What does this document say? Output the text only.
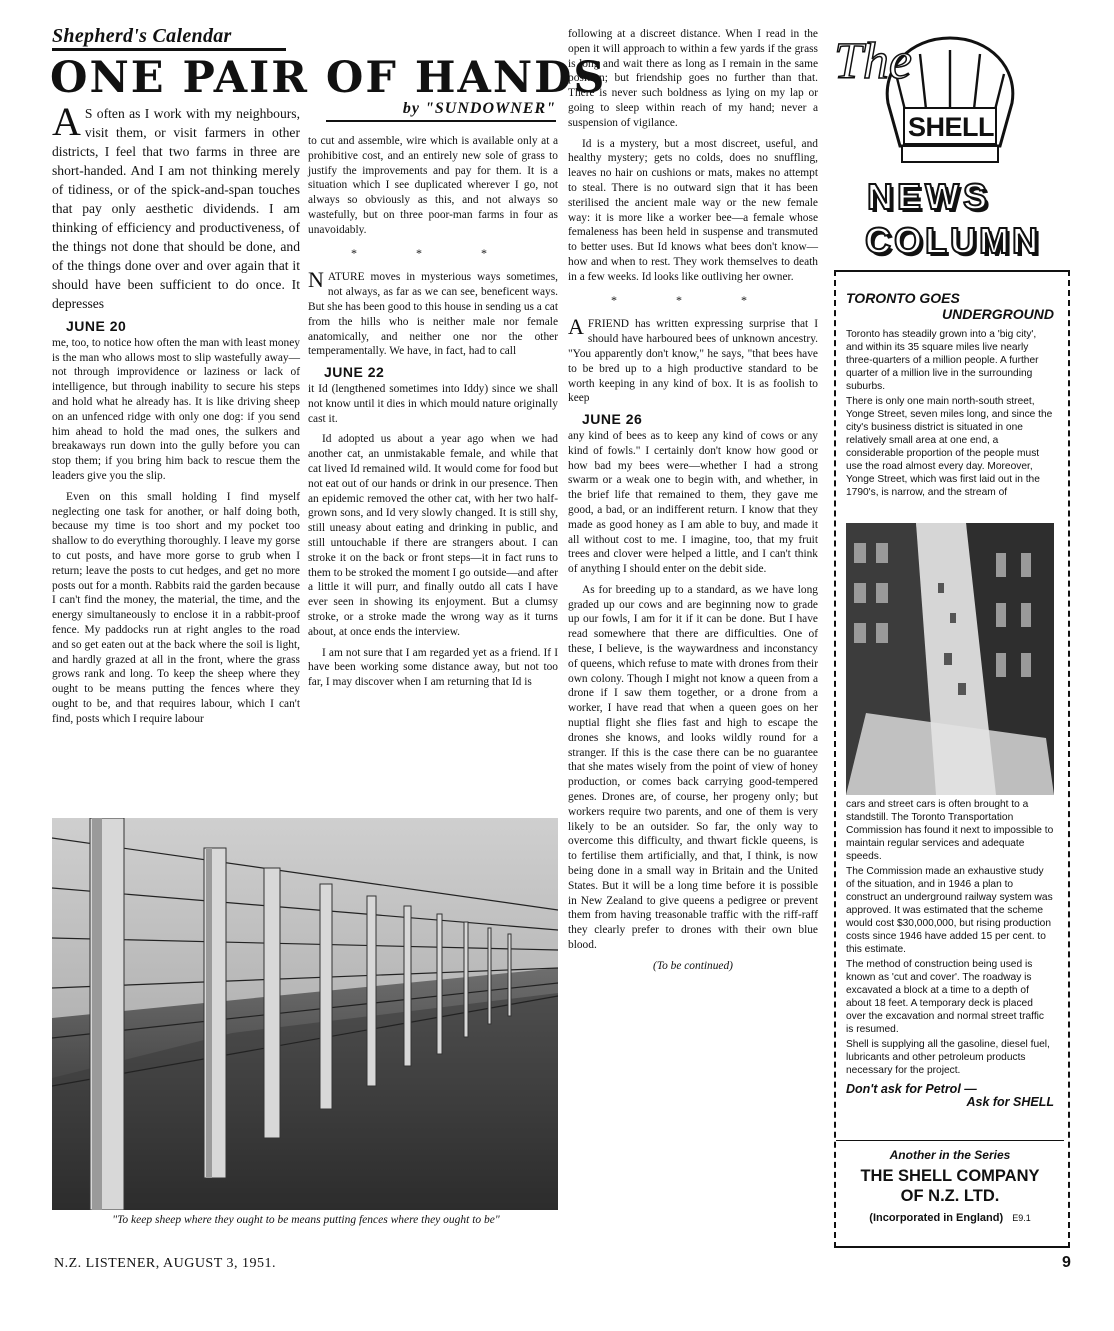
Shepherd's Calendar
ONE PAIR OF HANDS
by "SUNDOWNER"

A S often as I work with my neighbours, visit them, or visit farmers in other districts, I feel that two farms in three are short-handed. And I am not thinking merely of tidiness, or of the spick-and-span touches that pay only aesthetic dividends. I am thinking of efficiency and productiveness, of the things not done that should be done, and of the things done over and over again that it should have been sufficient to do once. It depresses

JUNE 20

me, too, to notice how often the man with least money is the man who allows most to slip wastefully away—not through improvidence or laziness or lack of intelligence, but through inability to secure his steps and hold what he already has. It is like driving sheep on an unfenced ridge with only one dog: if you send him ahead to hold the mad ones, the sulkers and breakaways run down into the gully before you can stop them; if you bring him back to rescue them the leaders give you the slip.

Even on this small holding I find myself neglecting one task for another, or half doing both, because my time is too short and my pocket too shallow to do everything thoroughly. I leave my gorse to cut posts, and have more gorse to grub when I return; leave the posts to cut hedges, and get no more posts out for a month. Rabbits raid the garden because I can't find the money, the material, the time, and the energy simultaneously to enclose it in a rabbit-proof fence. My paddocks run at right angles to the road and so get eaten out at the back where the soil is light, and hardly grazed at all in the front, where the grass grows rank and long. To keep the sheep where they ought to be means putting the fences where they ought to be, and that requires labour, which I can't find, posts which I require labour

to cut and assemble, wire which is available only at a prohibitive cost, and an entirely new sole of grass to justify the improvements and pay for them. It is a situation which I see duplicated wherever I go, not always so obviously as this, and not always so wastefully, but on three poor-man farms in four as unavoidably.

* * *

NATURE moves in mysterious ways sometimes, not always, as far as we can see, beneficent ways. But she has been good to this house in sending us a cat from the hills who is neither male nor female anatomically, and neither one nor the other temperamentally. We have, in fact, had to call

JUNE 22

it Id (lengthened sometimes into Iddy) since we shall not know until it dies in which mould nature originally cast it.

Id adopted us about a year ago when we had another cat, an unmistakable female, and while that cat lived Id remained wild. It would come for food but not eat out of our hands or drink in our presence. Then an epidemic removed the other cat, with her two half-grown sons, and Id very slowly changed. It is still shy, still uneasy about eating and drinking in public, and still untouchable if there are strangers about. I can stroke it on the back or front steps—it in fact runs to them to be stroked the moment I go outside—and after a little it will purr, and finally outdo all cats I have ever seen in showing its enjoyment. But a clumsy stroke, or a stroke made the wrong way as it turns about, at once ends the interview.

I am not sure that I am regarded yet as a friend. If I have been working some distance away, but not too far, I may discover when I am returning that Id is

"To keep sheep where they ought to be means putting fences where they ought to be"

following at a discreet distance. When I read in the open it will approach to within a few yards if the grass is long and wait there as long as I remain in the same position; but friendship goes no further than that. There is never such boldness as lying on my lap or going to sleep within reach of my hand; never a suspension of vigilance.

Id is a mystery, but a most discreet, useful, and healthy mystery; gets no colds, does no snuffling, leaves no hair on cushions or mats, makes no attempt to steal. There is no outward sign that it has been sterilised the ancient male way or the new female way: it is more like a worker bee—a female whose femaleness has been held in suspense and transmuted to better uses. But Id knows what bees don't know—how and when to rest. They work themselves to death in a few weeks. Id looks like outliving her owner.

* * *

AFRIEND has written expressing surprise that I should have harboured bees of unknown ancestry. "You apparently don't know," he says, "that bees have to be bred up to a high productive standard to be worth keeping in any kind of box. It is as foolish to keep

JUNE 26

any kind of bees as to keep any kind of cows or any kind of fowls." I certainly don't know how good or how bad my bees were—whether I had a strong swarm or a weak one to begin with, and whether, in the brief life that remained to them, they gave me good, a bad, or an indifferent return. I know that they made as good honey as I am able to buy, and made it all without cost to me. I imagine, too, that my fruit trees and clover were helped a little, and I can't think of anything I should enter on the debit side.

As for breeding up to a standard, as we have long graded up our cows and are beginning now to grade up our fowls, I am for it if it can be done. But I have read somewhere that there are difficulties. One of these, I believe, is the waywardness and inconstancy of queens, which refuse to mate with drones from their own colony. Though I might not know a queen from a drone if I saw them together, or a drone from a worker, I have read that when a queen goes on her nuptial flight she flies fast and high to escape the drones she knows, and looks wildly round for a stranger. If this is the case there can be no guarantee that she mates wisely from the point of view of honey production, or comes back carrying good-tempered genes. Drones are, of course, her progeny only; but workers require two parents, and one of them is very likely to be an outsider. So far, the only way to overcome this difficulty, and thwart fickle queens, is to fertilise them artificially, and that, I think, is now being done in a small way in Britain and the United States. But it will be a long time before it is possible in New Zealand to give queens a pedigree or prevent them from having treasonable traffic with the riff-raff they clearly prefer to drones with their own blue blood.

(To be continued)
The
SHELL
NEWS
COLUMN
TORONTO GOES
UNDERGROUND

Toronto has steadily grown into a 'big city', and within its 35 square miles live nearly three-quarters of a million people. A further quarter of a million live in the surrounding suburbs.

There is only one main north-south street, Yonge Street, seven miles long, and since the city's business district is situated in one relatively small area at one end, a considerable proportion of the people must use the road almost every day. Moreover, Yonge Street, which was first laid out in the 1790's, is narrow, and the stream of

cars and street cars is often brought to a standstill. The Toronto Transportation Commission has found it next to impossible to maintain regular services and adequate speeds.

The Commission made an exhaustive study of the situation, and in 1946 a plan to construct an underground railway system was approved. It was estimated that the scheme would cost $30,000,000, but rising production costs since 1946 have added 15 per cent. to this estimate.

The method of construction being used is known as 'cut and cover'. The roadway is excavated a block at a time to a depth of about 18 feet. A temporary deck is placed over the excavation and normal street traffic is resumed.

Shell is supplying all the gasoline, diesel fuel, lubricants and other petroleum products necessary for the project.

Don't ask for Petrol —
Ask for SHELL
Another in the Series
THE SHELL COMPANY
OF N.Z. LTD.
(Incorporated in England) E9.1
N.Z. LISTENER, AUGUST 3, 1951.	9
